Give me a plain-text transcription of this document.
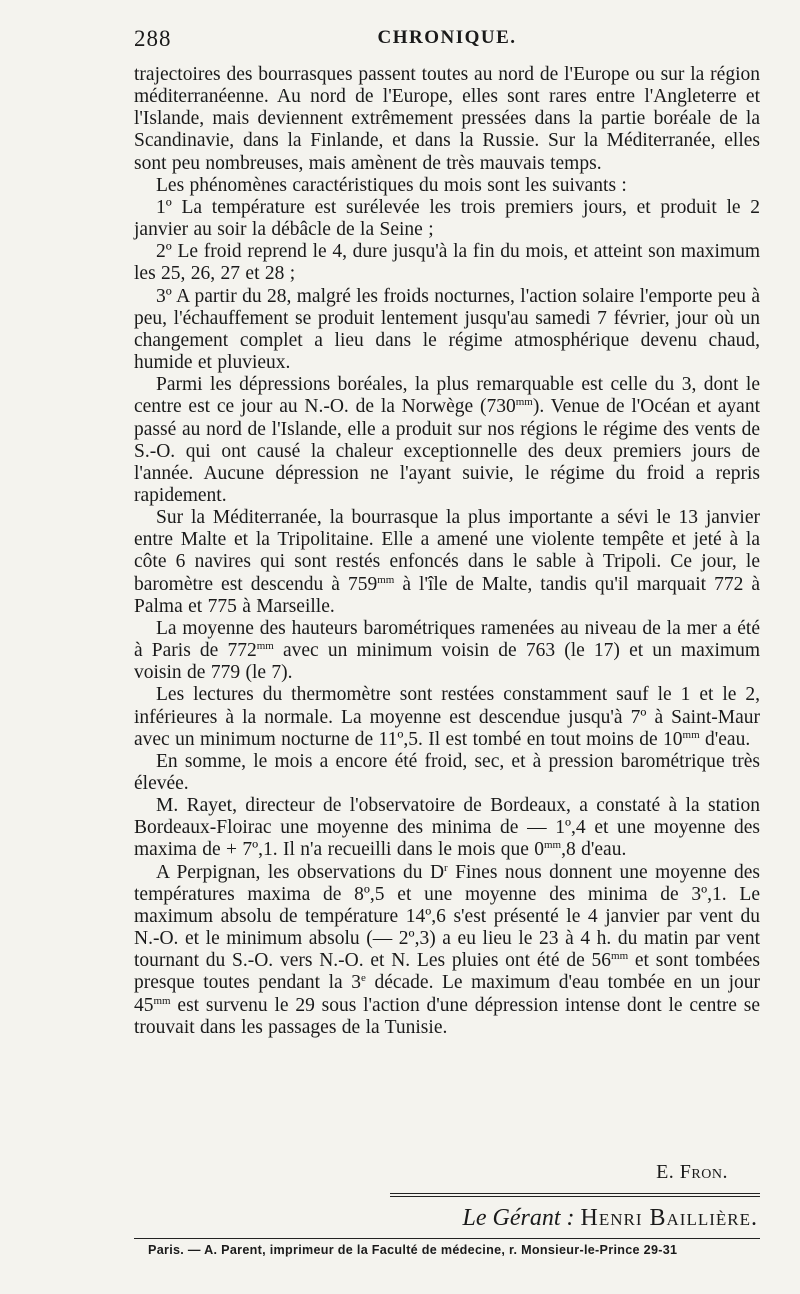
288	CHRONIQUE.

trajectoires des bourrasques passent toutes au nord de l'Europe ou sur la région méditerranéenne. Au nord de l'Europe, elles sont rares entre l'Angleterre et l'Islande, mais deviennent extrêmement pressées dans la partie boréale de la Scandinavie, dans la Finlande, et dans la Russie. Sur la Méditerranée, elles sont peu nombreuses, mais amènent de très mauvais temps.

Les phénomènes caractéristiques du mois sont les suivants :

1º La température est surélevée les trois premiers jours, et produit le 2 janvier au soir la débâcle de la Seine ;

2º Le froid reprend le 4, dure jusqu'à la fin du mois, et atteint son maximum les 25, 26, 27 et 28 ;

3º A partir du 28, malgré les froids nocturnes, l'action solaire l'emporte peu à peu, l'échauffement se produit lentement jusqu'au samedi 7 février, jour où un changement complet a lieu dans le régime atmosphérique devenu chaud, humide et pluvieux.

Parmi les dépressions boréales, la plus remarquable est celle du 3, dont le centre est ce jour au N.-O. de la Norwège $(730^{mm})$. Venue de l'Océan et ayant passé au nord de l'Islande, elle a produit sur nos régions le régime des vents de S.-O. qui ont causé la chaleur exceptionnelle des deux premiers jours de l'année. Aucune dépression ne l'ayant suivie, le régime du froid a repris rapidement.

Sur la Méditerranée, la bourrasque la plus importante a sévi le 13 janvier entre Malte et la Tripolitaine. Elle a amené une violente tempête et jeté à la côte 6 navires qui sont restés enfoncés dans le sable à Tripoli. Ce jour, le baromètre est descendu à $759^{mm}$ à l'île de Malte, tandis qu'il marquait 772 à Palma et 775 à Marseille.

La moyenne des hauteurs barométriques ramenées au niveau de la mer a été à Paris de $772^{mm}$ avec un minimum voisin de 763 (le 17) et un maximum voisin de 779 (le 7).

Les lectures du thermomètre sont restées constamment sauf le 1 et le 2, inférieures à la normale. La moyenne est descendue jusqu'à 7º à Saint-Maur avec un minimum nocturne de 11º,5. Il est tombé en tout moins de $10^{mm}$ d'eau.

En somme, le mois a encore été froid, sec, et à pression barométrique très élevée.

M. Rayet, directeur de l'observatoire de Bordeaux, a constaté à la station Bordeaux-Floirac une moyenne des minima de — 1º,4 et une moyenne des maxima de + 7º,1. Il n'a recueilli dans le mois que $0^{mm},8$ d'eau.

A Perpignan, les observations du $D^r$ Fines nous donnent une moyenne des températures maxima de 8º,5 et une moyenne des minima de 3º,1. Le maximum absolu de température 14º,6 s'est présenté le 4 janvier par vent du N.-O. et le minimum absolu (— 2º,3) a eu lieu le 23 à 4 h. du matin par vent tournant du S.-O. vers N.-O. et N. Les pluies ont été de $56^{mm}$ et sont tombées presque toutes pendant la 3e décade. Le maximum d'eau tombée en un jour $45^{mm}$ est survenu le 29 sous l'action d'une dépression intense dont le centre se trouvait dans les passages de la Tunisie.

E. Fron.
Le Gérant : Henri Baillière.
Paris. — A. Parent, imprimeur de la Faculté de médecine, r. Monsieur-le-Prince 29-31
